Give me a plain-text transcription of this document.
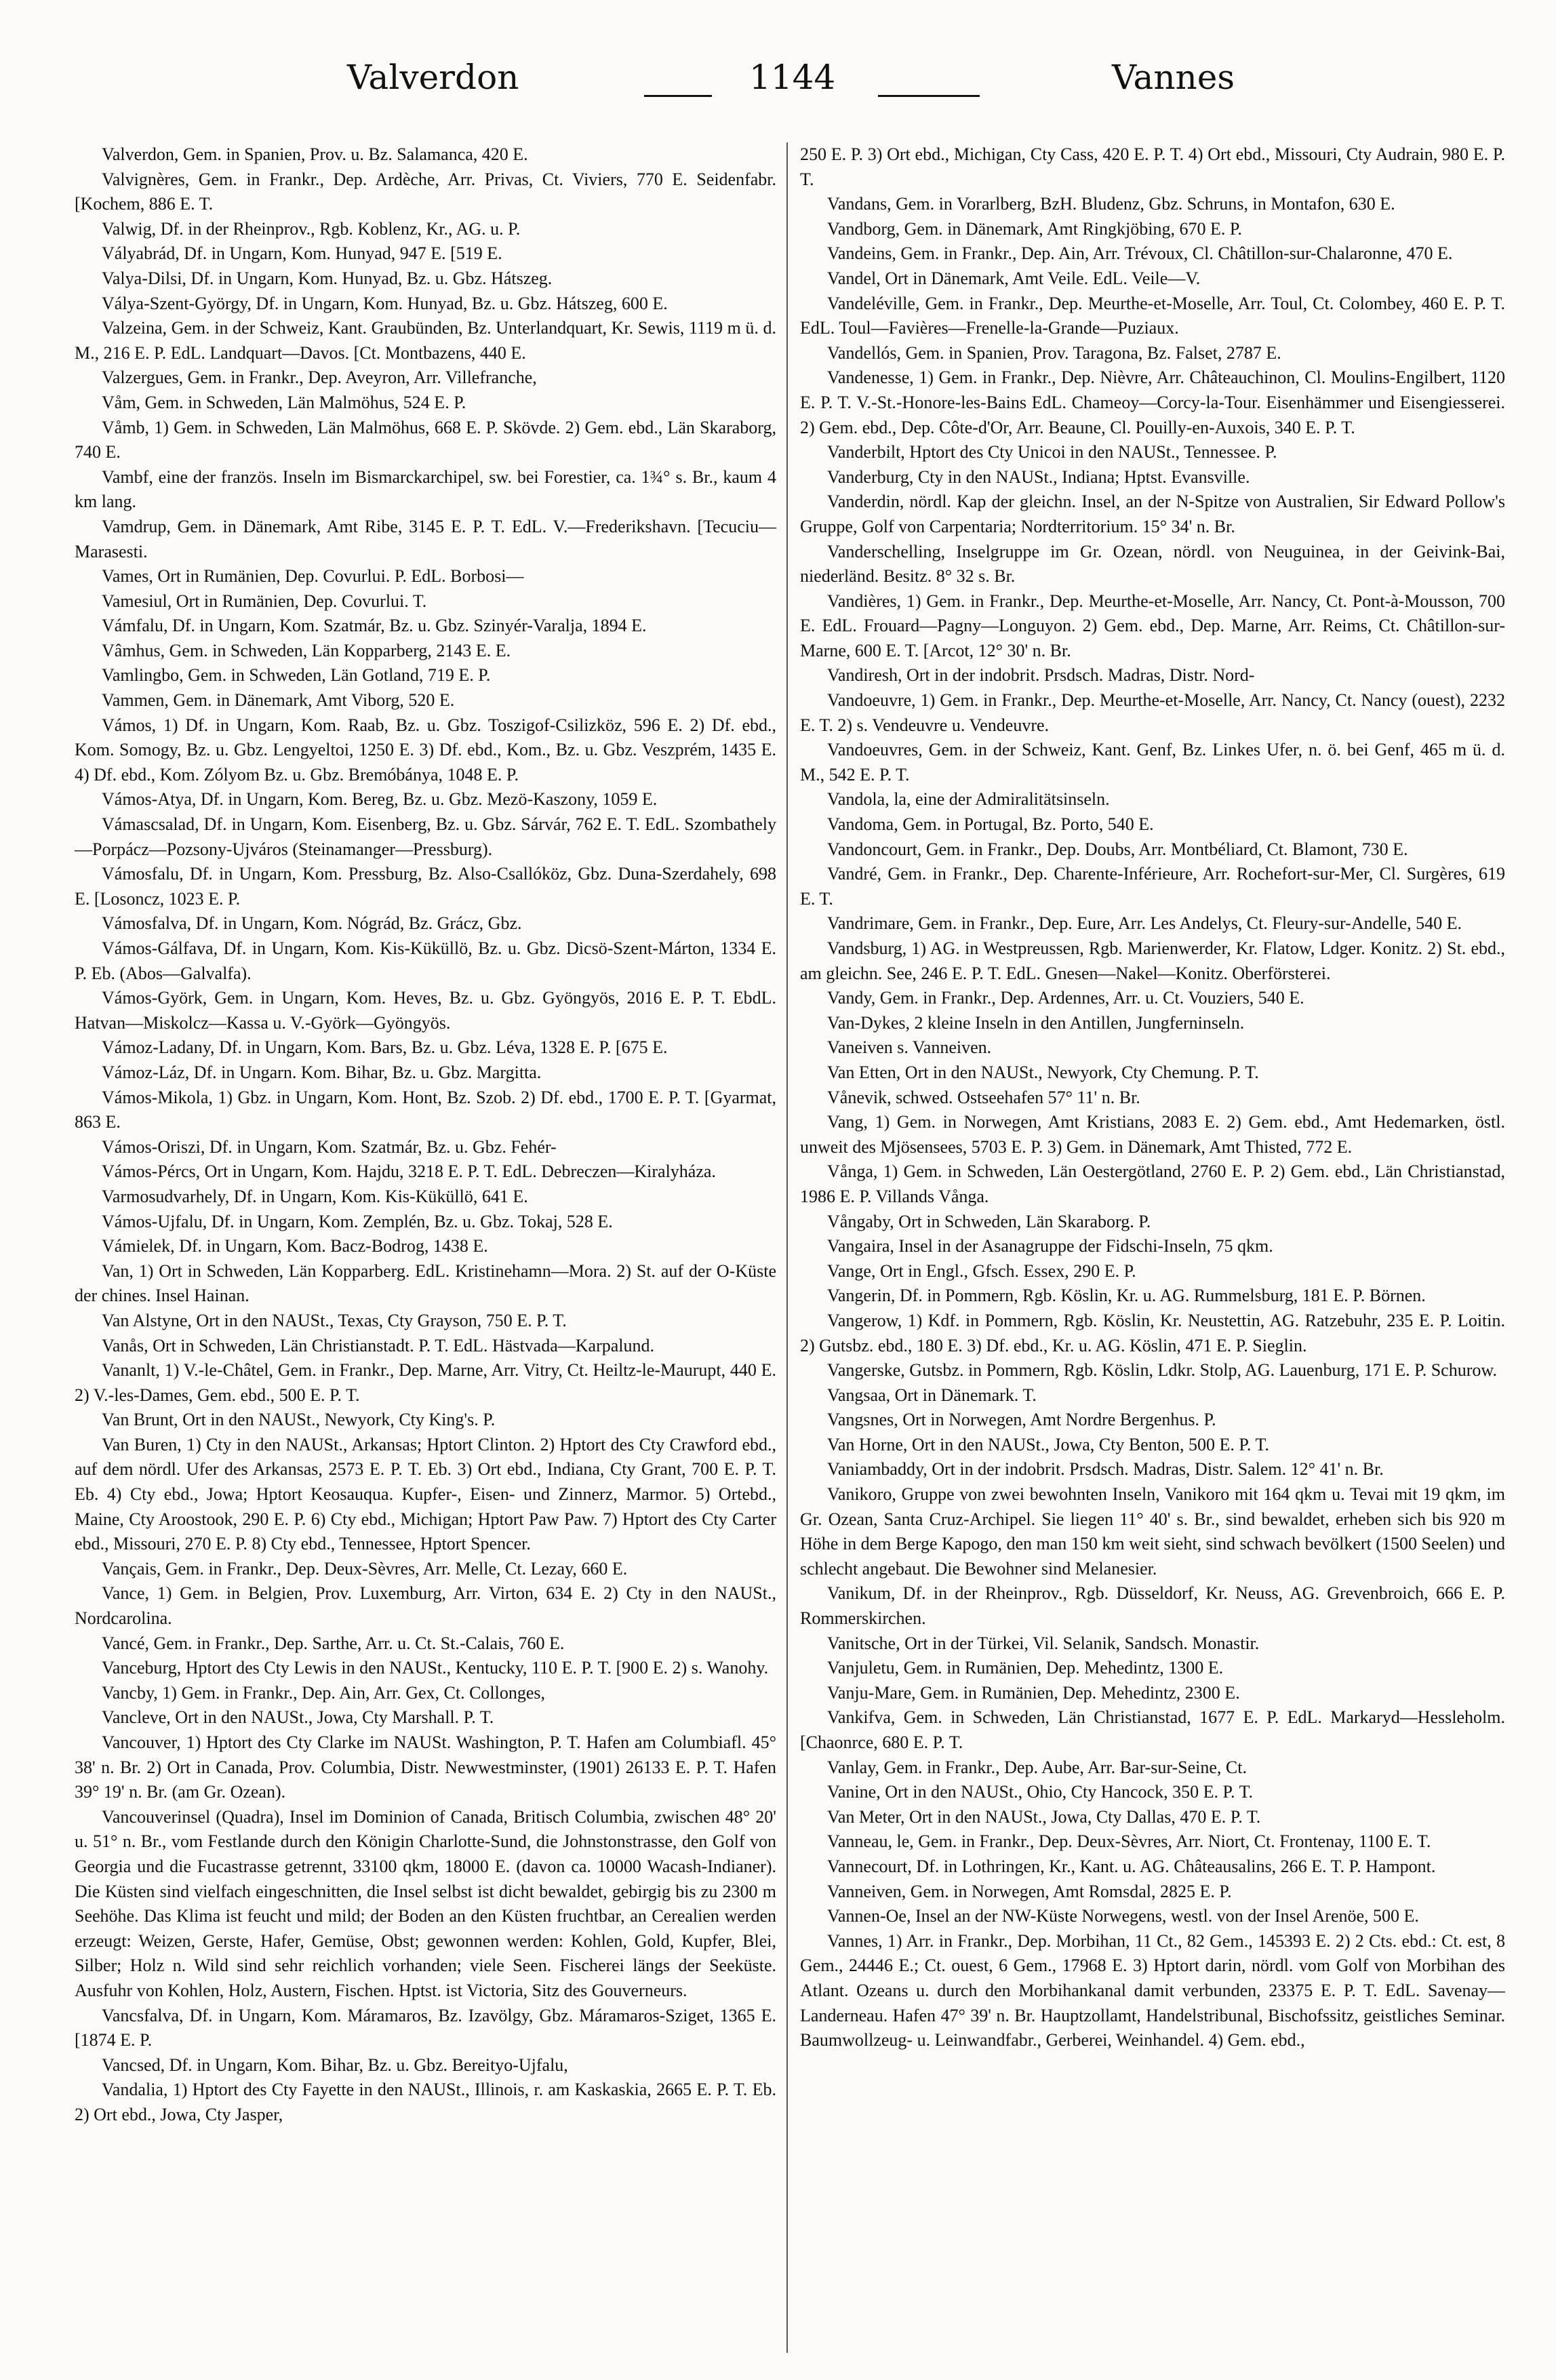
Valverdon	1144	Vannes

Valverdon, Gem. in Spanien, Prov. u. Bz. Salamanca, 420 E.

Valvignères, Gem. in Frankr., Dep. Ardèche, Arr. Privas, Ct. Viviers, 770 E. Seidenfabr. [Kochem, 886 E. T.

Valwig, Df. in der Rheinprov., Rgb. Koblenz, Kr., AG. u. P.

Vályabrád, Df. in Ungarn, Kom. Hunyad, 947 E. [519 E.

Valya-Dilsi, Df. in Ungarn, Kom. Hunyad, Bz. u. Gbz. Hátszeg.

Válya-Szent-György, Df. in Ungarn, Kom. Hunyad, Bz. u. Gbz. Hátszeg, 600 E.

Valzeina, Gem. in der Schweiz, Kant. Graubünden, Bz. Unterlandquart, Kr. Sewis, 1119 m ü. d. M., 216 E. P. EdL. Landquart—Davos. [Ct. Montbazens, 440 E.

Valzergues, Gem. in Frankr., Dep. Aveyron, Arr. Villefranche,

Våm, Gem. in Schweden, Län Malmöhus, 524 E. P.

Våmb, 1) Gem. in Schweden, Län Malmöhus, 668 E. P. Skövde. 2) Gem. ebd., Län Skaraborg, 740 E.

Vambf, eine der französ. Inseln im Bismarckarchipel, sw. bei Forestier, ca. 1¾° s. Br., kaum 4 km lang.

Vamdrup, Gem. in Dänemark, Amt Ribe, 3145 E. P. T. EdL. V.—Frederikshavn. [Tecuciu—Marasesti.

Vames, Ort in Rumänien, Dep. Covurlui. P. EdL. Borbosi—

Vamesiul, Ort in Rumänien, Dep. Covurlui. T.

Vámfalu, Df. in Ungarn, Kom. Szatmár, Bz. u. Gbz. Szinyér-Varalja, 1894 E.

Vâmhus, Gem. in Schweden, Län Kopparberg, 2143 E. E.

Vamlingbo, Gem. in Schweden, Län Gotland, 719 E. P.

Vammen, Gem. in Dänemark, Amt Viborg, 520 E.

Vámos, 1) Df. in Ungarn, Kom. Raab, Bz. u. Gbz. Toszigof-Csilizköz, 596 E. 2) Df. ebd., Kom. Somogy, Bz. u. Gbz. Lengyeltoi, 1250 E. 3) Df. ebd., Kom., Bz. u. Gbz. Veszprém, 1435 E. 4) Df. ebd., Kom. Zólyom Bz. u. Gbz. Bremóbánya, 1048 E. P.

Vámos-Atya, Df. in Ungarn, Kom. Bereg, Bz. u. Gbz. Mezö-Kaszony, 1059 E.

Vámascsalad, Df. in Ungarn, Kom. Eisenberg, Bz. u. Gbz. Sárvár, 762 E. T. EdL. Szombathely—Porpácz—Pozsony-Ujváros (Steinamanger—Pressburg).

Vámosfalu, Df. in Ungarn, Kom. Pressburg, Bz. Also-Csallóköz, Gbz. Duna-Szerdahely, 698 E. [Losoncz, 1023 E. P.

Vámosfalva, Df. in Ungarn, Kom. Nógrád, Bz. Grácz, Gbz.

Vámos-Gálfava, Df. in Ungarn, Kom. Kis-Küküllö, Bz. u. Gbz. Dicsö-Szent-Márton, 1334 E. P. Eb. (Abos—Galvalfa).

Vámos-Györk, Gem. in Ungarn, Kom. Heves, Bz. u. Gbz. Gyöngyös, 2016 E. P. T. EbdL. Hatvan—Miskolcz—Kassa u. V.-Györk—Gyöngyös.

Vámoz-Ladany, Df. in Ungarn, Kom. Bars, Bz. u. Gbz. Léva, 1328 E. P. [675 E.

Vámoz-Láz, Df. in Ungarn. Kom. Bihar, Bz. u. Gbz. Margitta.

Vámos-Mikola, 1) Gbz. in Ungarn, Kom. Hont, Bz. Szob. 2) Df. ebd., 1700 E. P. T. [Gyarmat, 863 E.

Vámos-Oriszi, Df. in Ungarn, Kom. Szatmár, Bz. u. Gbz. Fehér-

Vámos-Pércs, Ort in Ungarn, Kom. Hajdu, 3218 E. P. T. EdL. Debreczen—Kiralyháza.

Varmosudvarhely, Df. in Ungarn, Kom. Kis-Küküllö, 641 E.

Vámos-Ujfalu, Df. in Ungarn, Kom. Zemplén, Bz. u. Gbz. Tokaj, 528 E.

Vámielek, Df. in Ungarn, Kom. Bacz-Bodrog, 1438 E.

Van, 1) Ort in Schweden, Län Kopparberg. EdL. Kristinehamn—Mora. 2) St. auf der O-Küste der chines. Insel Hainan.

Van Alstyne, Ort in den NAUSt., Texas, Cty Grayson, 750 E. P. T.

Vanås, Ort in Schweden, Län Christianstadt. P. T. EdL. Hästvada—Karpalund.

Vananlt, 1) V.-le-Châtel, Gem. in Frankr., Dep. Marne, Arr. Vitry, Ct. Heiltz-le-Maurupt, 440 E. 2) V.-les-Dames, Gem. ebd., 500 E. P. T.

Van Brunt, Ort in den NAUSt., Newyork, Cty King's. P.

Van Buren, 1) Cty in den NAUSt., Arkansas; Hptort Clinton. 2) Hptort des Cty Crawford ebd., auf dem nördl. Ufer des Arkansas, 2573 E. P. T. Eb. 3) Ort ebd., Indiana, Cty Grant, 700 E. P. T. Eb. 4) Cty ebd., Jowa; Hptort Keosauqua. Kupfer-, Eisen- und Zinnerz, Marmor. 5) Ortebd., Maine, Cty Aroostook, 290 E. P. 6) Cty ebd., Michigan; Hptort Paw Paw. 7) Hptort des Cty Carter ebd., Missouri, 270 E. P. 8) Cty ebd., Tennessee, Hptort Spencer.

Vançais, Gem. in Frankr., Dep. Deux-Sèvres, Arr. Melle, Ct. Lezay, 660 E.

Vance, 1) Gem. in Belgien, Prov. Luxemburg, Arr. Virton, 634 E. 2) Cty in den NAUSt., Nordcarolina.

Vancé, Gem. in Frankr., Dep. Sarthe, Arr. u. Ct. St.-Calais, 760 E.

Vanceburg, Hptort des Cty Lewis in den NAUSt., Kentucky, 110 E. P. T. [900 E. 2) s. Wanohy.

Vancby, 1) Gem. in Frankr., Dep. Ain, Arr. Gex, Ct. Collonges,

Vancleve, Ort in den NAUSt., Jowa, Cty Marshall. P. T.

Vancouver, 1) Hptort des Cty Clarke im NAUSt. Washington, P. T. Hafen am Columbiafl. 45° 38' n. Br. 2) Ort in Canada, Prov. Columbia, Distr. Newwestminster, (1901) 26133 E. P. T. Hafen 39° 19' n. Br. (am Gr. Ozean).

Vancouverinsel (Quadra), Insel im Dominion of Canada, Britisch Columbia, zwischen 48° 20' u. 51° n. Br., vom Festlande durch den Königin Charlotte-Sund, die Johnstonstrasse, den Golf von Georgia und die Fucastrasse getrennt, 33100 qkm, 18000 E. (davon ca. 10000 Wacash-Indianer). Die Küsten sind vielfach eingeschnitten, die Insel selbst ist dicht bewaldet, gebirgig bis zu 2300 m Seehöhe. Das Klima ist feucht und mild; der Boden an den Küsten fruchtbar, an Cerealien werden erzeugt: Weizen, Gerste, Hafer, Gemüse, Obst; gewonnen werden: Kohlen, Gold, Kupfer, Blei, Silber; Holz n. Wild sind sehr reichlich vorhanden; viele Seen. Fischerei längs der Seeküste. Ausfuhr von Kohlen, Holz, Austern, Fischen. Hptst. ist Victoria, Sitz des Gouverneurs.

Vancsfalva, Df. in Ungarn, Kom. Máramaros, Bz. Izavölgy, Gbz. Máramaros-Sziget, 1365 E. [1874 E. P.

Vancsed, Df. in Ungarn, Kom. Bihar, Bz. u. Gbz. Bereityo-Ujfalu,

Vandalia, 1) Hptort des Cty Fayette in den NAUSt., Illinois, r. am Kaskaskia, 2665 E. P. T. Eb. 2) Ort ebd., Jowa, Cty Jasper,

250 E. P. 3) Ort ebd., Michigan, Cty Cass, 420 E. P. T. 4) Ort ebd., Missouri, Cty Audrain, 980 E. P. T.

Vandans, Gem. in Vorarlberg, BzH. Bludenz, Gbz. Schruns, in Montafon, 630 E.

Vandborg, Gem. in Dänemark, Amt Ringkjöbing, 670 E. P.

Vandeins, Gem. in Frankr., Dep. Ain, Arr. Trévoux, Cl. Châtillon-sur-Chalaronne, 470 E.

Vandel, Ort in Dänemark, Amt Veile. EdL. Veile—V.

Vandeléville, Gem. in Frankr., Dep. Meurthe-et-Moselle, Arr. Toul, Ct. Colombey, 460 E. P. T. EdL. Toul—Favières—Frenelle-la-Grande—Puziaux.

Vandellós, Gem. in Spanien, Prov. Taragona, Bz. Falset, 2787 E.

Vandenesse, 1) Gem. in Frankr., Dep. Nièvre, Arr. Châteauchinon, Cl. Moulins-Engilbert, 1120 E. P. T. V.-St.-Honore-les-Bains EdL. Chameoy—Corcy-la-Tour. Eisenhämmer und Eisengiesserei. 2) Gem. ebd., Dep. Côte-d'Or, Arr. Beaune, Cl. Pouilly-en-Auxois, 340 E. P. T.

Vanderbilt, Hptort des Cty Unicoi in den NAUSt., Tennessee. P.

Vanderburg, Cty in den NAUSt., Indiana; Hptst. Evansville.

Vanderdin, nördl. Kap der gleichn. Insel, an der N-Spitze von Australien, Sir Edward Pollow's Gruppe, Golf von Carpentaria; Nordterritorium. 15° 34' n. Br.

Vanderschelling, Inselgruppe im Gr. Ozean, nördl. von Neuguinea, in der Geivink-Bai, niederländ. Besitz. 8° 32 s. Br.

Vandières, 1) Gem. in Frankr., Dep. Meurthe-et-Moselle, Arr. Nancy, Ct. Pont-à-Mousson, 700 E. EdL. Frouard—Pagny—Longuyon. 2) Gem. ebd., Dep. Marne, Arr. Reims, Ct. Châtillon-sur-Marne, 600 E. T. [Arcot, 12° 30' n. Br.

Vandiresh, Ort in der indobrit. Prsdsch. Madras, Distr. Nord-

Vandoeuvre, 1) Gem. in Frankr., Dep. Meurthe-et-Moselle, Arr. Nancy, Ct. Nancy (ouest), 2232 E. T. 2) s. Vendeuvre u. Vendeuvre.

Vandoeuvres, Gem. in der Schweiz, Kant. Genf, Bz. Linkes Ufer, n. ö. bei Genf, 465 m ü. d. M., 542 E. P. T.

Vandola, la, eine der Admiralitätsinseln.

Vandoma, Gem. in Portugal, Bz. Porto, 540 E.

Vandoncourt, Gem. in Frankr., Dep. Doubs, Arr. Montbéliard, Ct. Blamont, 730 E.

Vandré, Gem. in Frankr., Dep. Charente-Inférieure, Arr. Rochefort-sur-Mer, Cl. Surgères, 619 E. T.

Vandrimare, Gem. in Frankr., Dep. Eure, Arr. Les Andelys, Ct. Fleury-sur-Andelle, 540 E.

Vandsburg, 1) AG. in Westpreussen, Rgb. Marienwerder, Kr. Flatow, Ldger. Konitz. 2) St. ebd., am gleichn. See, 246 E. P. T. EdL. Gnesen—Nakel—Konitz. Oberförsterei.

Vandy, Gem. in Frankr., Dep. Ardennes, Arr. u. Ct. Vouziers, 540 E.

Van-Dykes, 2 kleine Inseln in den Antillen, Jungferninseln.

Vaneiven s. Vanneiven.

Van Etten, Ort in den NAUSt., Newyork, Cty Chemung. P. T.

Vånevik, schwed. Ostseehafen 57° 11' n. Br.

Vang, 1) Gem. in Norwegen, Amt Kristians, 2083 E. 2) Gem. ebd., Amt Hedemarken, östl. unweit des Mjösensees, 5703 E. P. 3) Gem. in Dänemark, Amt Thisted, 772 E.

Vånga, 1) Gem. in Schweden, Län Oestergötland, 2760 E. P. 2) Gem. ebd., Län Christianstad, 1986 E. P. Villands Vånga.

Vångaby, Ort in Schweden, Län Skaraborg. P.

Vangaira, Insel in der Asanagruppe der Fidschi-Inseln, 75 qkm.

Vange, Ort in Engl., Gfsch. Essex, 290 E. P.

Vangerin, Df. in Pommern, Rgb. Köslin, Kr. u. AG. Rummelsburg, 181 E. P. Börnen.

Vangerow, 1) Kdf. in Pommern, Rgb. Köslin, Kr. Neustettin, AG. Ratzebuhr, 235 E. P. Loitin. 2) Gutsbz. ebd., 180 E. 3) Df. ebd., Kr. u. AG. Köslin, 471 E. P. Sieglin.

Vangerske, Gutsbz. in Pommern, Rgb. Köslin, Ldkr. Stolp, AG. Lauenburg, 171 E. P. Schurow.

Vangsaa, Ort in Dänemark. T.

Vangsnes, Ort in Norwegen, Amt Nordre Bergenhus. P.

Van Horne, Ort in den NAUSt., Jowa, Cty Benton, 500 E. P. T.

Vaniambaddy, Ort in der indobrit. Prsdsch. Madras, Distr. Salem. 12° 41' n. Br.

Vanikoro, Gruppe von zwei bewohnten Inseln, Vanikoro mit 164 qkm u. Tevai mit 19 qkm, im Gr. Ozean, Santa Cruz-Archipel. Sie liegen 11° 40' s. Br., sind bewaldet, erheben sich bis 920 m Höhe in dem Berge Kapogo, den man 150 km weit sieht, sind schwach bevölkert (1500 Seelen) und schlecht angebaut. Die Bewohner sind Melanesier.

Vanikum, Df. in der Rheinprov., Rgb. Düsseldorf, Kr. Neuss, AG. Grevenbroich, 666 E. P. Rommerskirchen.

Vanitsche, Ort in der Türkei, Vil. Selanik, Sandsch. Monastir.

Vanjuletu, Gem. in Rumänien, Dep. Mehedintz, 1300 E.

Vanju-Mare, Gem. in Rumänien, Dep. Mehedintz, 2300 E.

Vankifva, Gem. in Schweden, Län Christianstad, 1677 E. P. EdL. Markaryd—Hessleholm. [Chaonrce, 680 E. P. T.

Vanlay, Gem. in Frankr., Dep. Aube, Arr. Bar-sur-Seine, Ct.

Vanine, Ort in den NAUSt., Ohio, Cty Hancock, 350 E. P. T.

Van Meter, Ort in den NAUSt., Jowa, Cty Dallas, 470 E. P. T.

Vanneau, le, Gem. in Frankr., Dep. Deux-Sèvres, Arr. Niort, Ct. Frontenay, 1100 E. T.

Vannecourt, Df. in Lothringen, Kr., Kant. u. AG. Châteausalins, 266 E. T. P. Hampont.

Vanneiven, Gem. in Norwegen, Amt Romsdal, 2825 E. P.

Vannen-Oe, Insel an der NW-Küste Norwegens, westl. von der Insel Arenöe, 500 E.

Vannes, 1) Arr. in Frankr., Dep. Morbihan, 11 Ct., 82 Gem., 145393 E. 2) 2 Cts. ebd.: Ct. est, 8 Gem., 24446 E.; Ct. ouest, 6 Gem., 17968 E. 3) Hptort darin, nördl. vom Golf von Morbihan des Atlant. Ozeans u. durch den Morbihankanal damit verbunden, 23375 E. P. T. EdL. Savenay—Landerneau. Hafen 47° 39' n. Br. Hauptzollamt, Handelstribunal, Bischofssitz, geistliches Seminar. Baumwollzeug- u. Leinwandfabr., Gerberei, Weinhandel. 4) Gem. ebd.,
